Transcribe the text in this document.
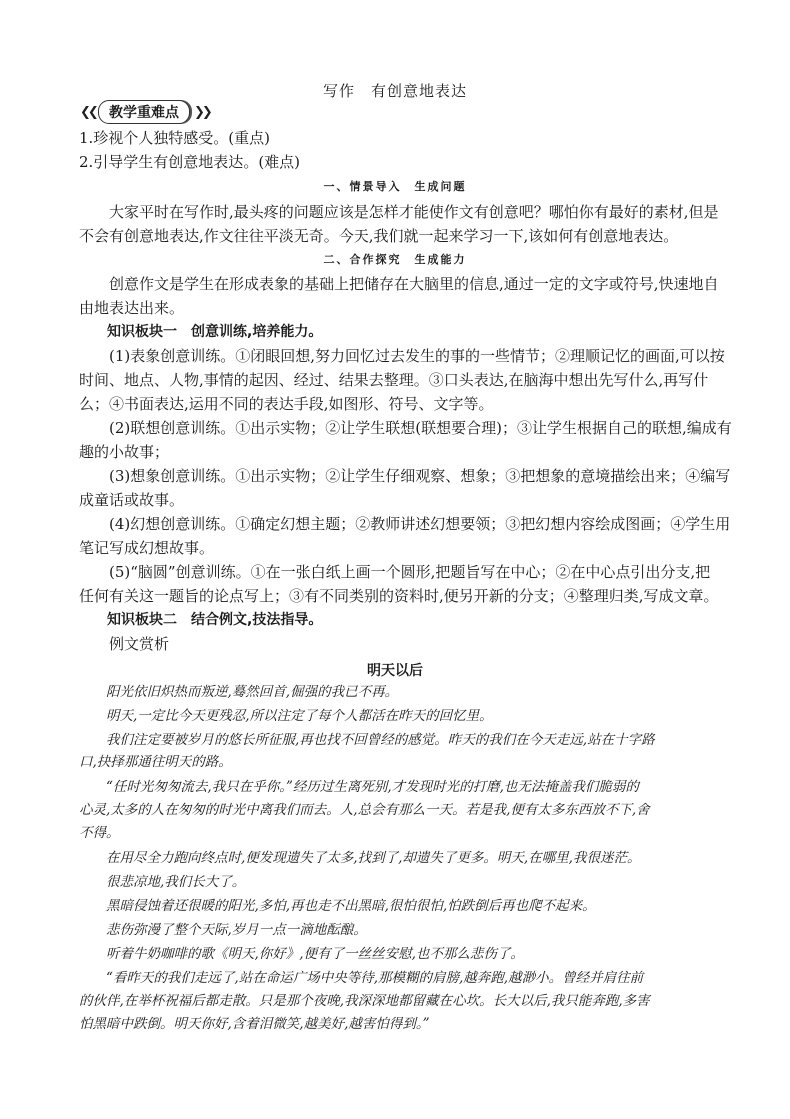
写作　有创意地表达
❮❮ 教学重难点	❯❯
1.珍视个人独特感受。(重点)
2.引导学生有创意地表达。(难点)
一、情景导入　生成问题
　　大家平时在写作时,最头疼的问题应该是怎样才能使作文有创意吧？哪怕你有最好的素材,但是
不会有创意地表达,作文往往平淡无奇。今天,我们就一起来学习一下,该如何有创意地表达。
二、合作探究　生成能力
　　创意作文是学生在形成表象的基础上把储存在大脑里的信息,通过一定的文字或符号,快速地自
由地表达出来。
　　知识板块一　创意训练,培养能力。
　　(1)表象创意训练。①闭眼回想,努力回忆过去发生的事的一些情节；②理顺记忆的画面,可以按
时间、地点、人物,事情的起因、经过、结果去整理。③口头表达,在脑海中想出先写什么,再写什
么；④书面表达,运用不同的表达手段,如图形、符号、文字等。
　　(2)联想创意训练。①出示实物；②让学生联想(联想要合理)；③让学生根据自己的联想,编成有
趣的小故事；
　　(3)想象创意训练。①出示实物；②让学生仔细观察、想象；③把想象的意境描绘出来；④编写
成童话或故事。
　　(4)幻想创意训练。①确定幻想主题；②教师讲述幻想要领；③把幻想内容绘成图画；④学生用
笔记写成幻想故事。
　　(5)“脑圆”创意训练。①在一张白纸上画一个圆形,把题旨写在中心；②在中心点引出分支,把
任何有关这一题旨的论点写上；③有不同类别的资料时,便另开新的分支；④整理归类,写成文章。
　　知识板块二　结合例文,技法指导。
　　例文赏析
明天以后
　　阳光依旧炽热而叛逆,蓦然回首,倔强的我已不再。
　　明天,一定比今天更残忍,所以注定了每个人都活在昨天的回忆里。
　　我们注定要被岁月的悠长所征服,再也找不回曾经的感觉。昨天的我们在今天走远,站在十字路
口,抉择那通往明天的路。
　　“任时光匆匆流去,我只在乎你。”经历过生离死别,才发现时光的打磨,也无法掩盖我们脆弱的
心灵,太多的人在匆匆的时光中离我们而去。人,总会有那么一天。若是我,便有太多东西放不下,舍
不得。
　　在用尽全力跑向终点时,便发现遗失了太多,找到了,却遗失了更多。明天,在哪里,我很迷茫。
　　很悲凉地,我们长大了。
　　黑暗侵蚀着还很暖的阳光,多怕,再也走不出黑暗,很怕很怕,怕跌倒后再也爬不起来。
　　悲伤弥漫了整个天际,岁月一点一滴地酝酿。
　　听着牛奶咖啡的歌《明天,你好》,便有了一丝丝安慰,也不那么悲伤了。
　　“看昨天的我们走远了,站在命运广场中央等待,那模糊的肩膀,越奔跑,越渺小。曾经并肩往前
的伙伴,在举杯祝福后都走散。只是那个夜晚,我深深地都留藏在心坎。长大以后,我只能奔跑,多害
怕黑暗中跌倒。明天你好,含着泪微笑,越美好,越害怕得到。”
